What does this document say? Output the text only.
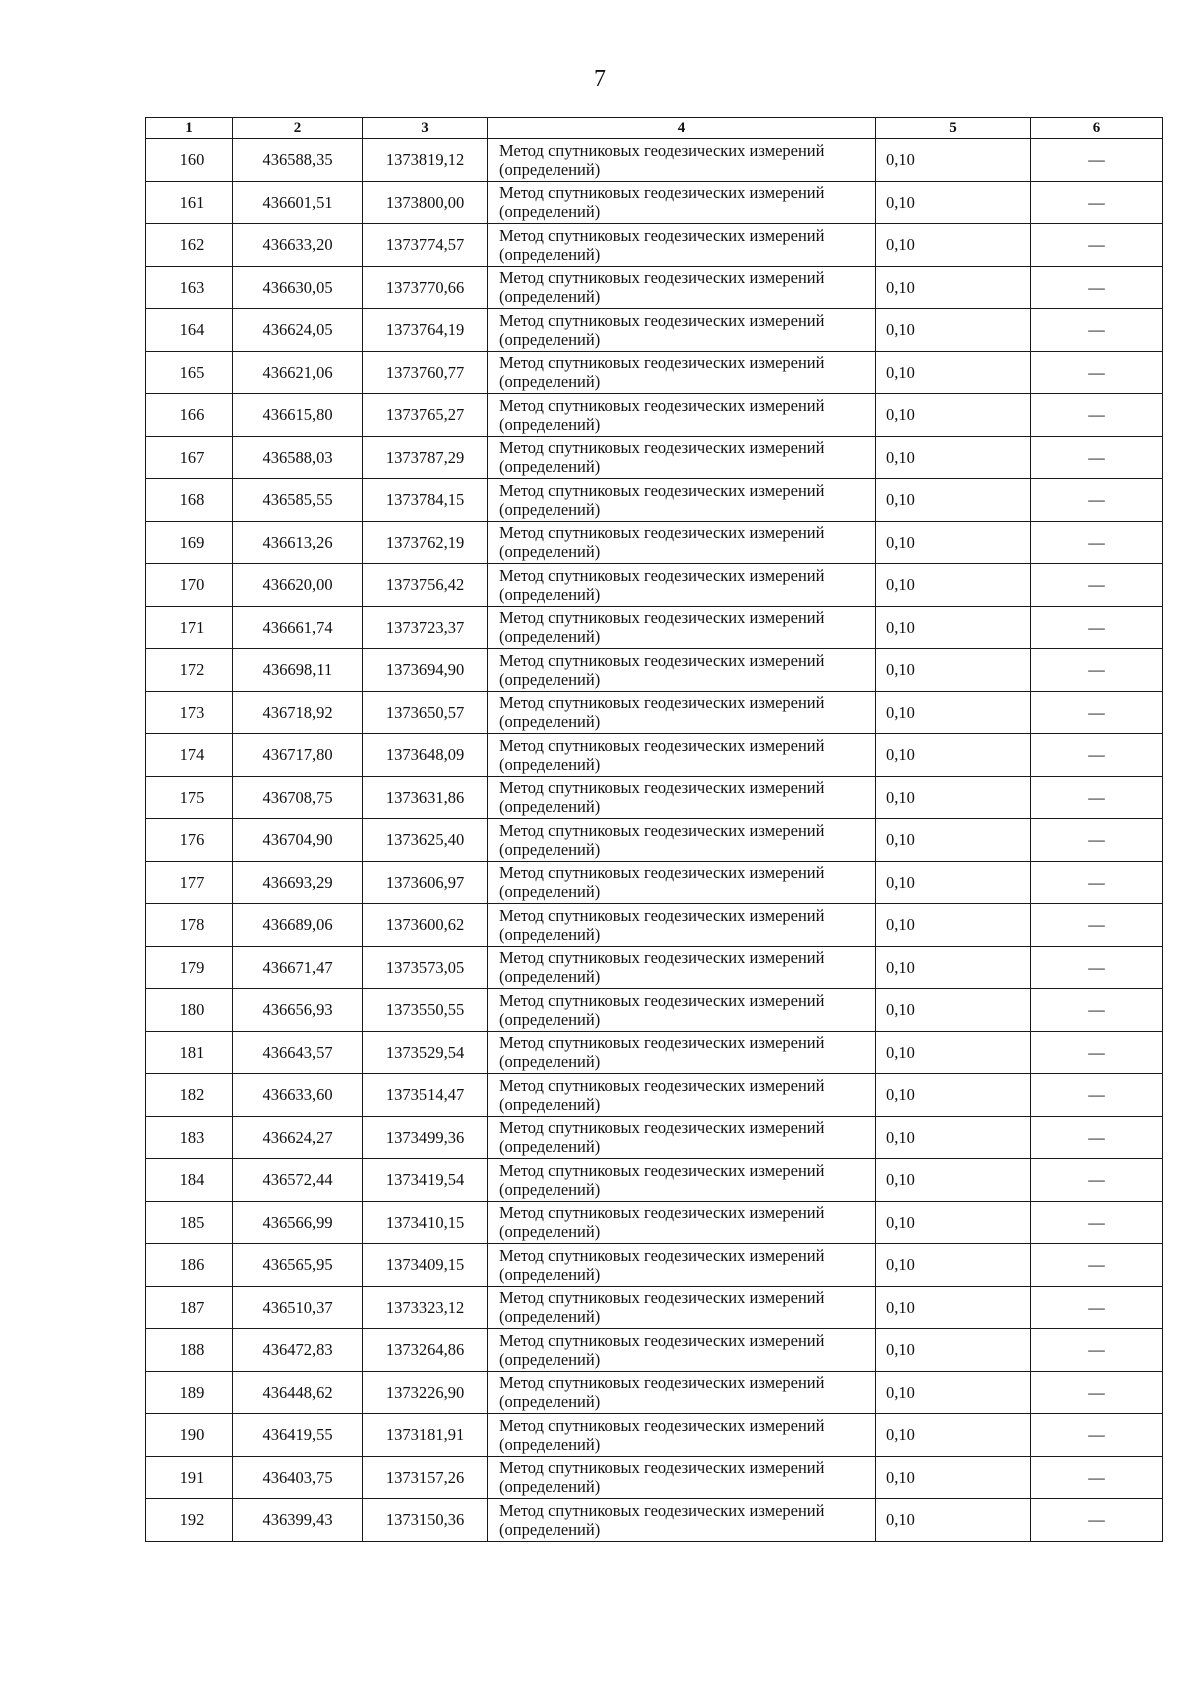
7
1	2	3	4	5	6
160	436588,35	1373819,12	Метод спутниковых геодезических измерений (определений)	0,10	—
161	436601,51	1373800,00	Метод спутниковых геодезических измерений (определений)	0,10	—
162	436633,20	1373774,57	Метод спутниковых геодезических измерений (определений)	0,10	—
163	436630,05	1373770,66	Метод спутниковых геодезических измерений (определений)	0,10	—
164	436624,05	1373764,19	Метод спутниковых геодезических измерений (определений)	0,10	—
165	436621,06	1373760,77	Метод спутниковых геодезических измерений (определений)	0,10	—
166	436615,80	1373765,27	Метод спутниковых геодезических измерений (определений)	0,10	—
167	436588,03	1373787,29	Метод спутниковых геодезических измерений (определений)	0,10	—
168	436585,55	1373784,15	Метод спутниковых геодезических измерений (определений)	0,10	—
169	436613,26	1373762,19	Метод спутниковых геодезических измерений (определений)	0,10	—
170	436620,00	1373756,42	Метод спутниковых геодезических измерений (определений)	0,10	—
171	436661,74	1373723,37	Метод спутниковых геодезических измерений (определений)	0,10	—
172	436698,11	1373694,90	Метод спутниковых геодезических измерений (определений)	0,10	—
173	436718,92	1373650,57	Метод спутниковых геодезических измерений (определений)	0,10	—
174	436717,80	1373648,09	Метод спутниковых геодезических измерений (определений)	0,10	—
175	436708,75	1373631,86	Метод спутниковых геодезических измерений (определений)	0,10	—
176	436704,90	1373625,40	Метод спутниковых геодезических измерений (определений)	0,10	—
177	436693,29	1373606,97	Метод спутниковых геодезических измерений (определений)	0,10	—
178	436689,06	1373600,62	Метод спутниковых геодезических измерений (определений)	0,10	—
179	436671,47	1373573,05	Метод спутниковых геодезических измерений (определений)	0,10	—
180	436656,93	1373550,55	Метод спутниковых геодезических измерений (определений)	0,10	—
181	436643,57	1373529,54	Метод спутниковых геодезических измерений (определений)	0,10	—
182	436633,60	1373514,47	Метод спутниковых геодезических измерений (определений)	0,10	—
183	436624,27	1373499,36	Метод спутниковых геодезических измерений (определений)	0,10	—
184	436572,44	1373419,54	Метод спутниковых геодезических измерений (определений)	0,10	—
185	436566,99	1373410,15	Метод спутниковых геодезических измерений (определений)	0,10	—
186	436565,95	1373409,15	Метод спутниковых геодезических измерений (определений)	0,10	—
187	436510,37	1373323,12	Метод спутниковых геодезических измерений (определений)	0,10	—
188	436472,83	1373264,86	Метод спутниковых геодезических измерений (определений)	0,10	—
189	436448,62	1373226,90	Метод спутниковых геодезических измерений (определений)	0,10	—
190	436419,55	1373181,91	Метод спутниковых геодезических измерений (определений)	0,10	—
191	436403,75	1373157,26	Метод спутниковых геодезических измерений (определений)	0,10	—
192	436399,43	1373150,36	Метод спутниковых геодезических измерений (определений)	0,10	—
